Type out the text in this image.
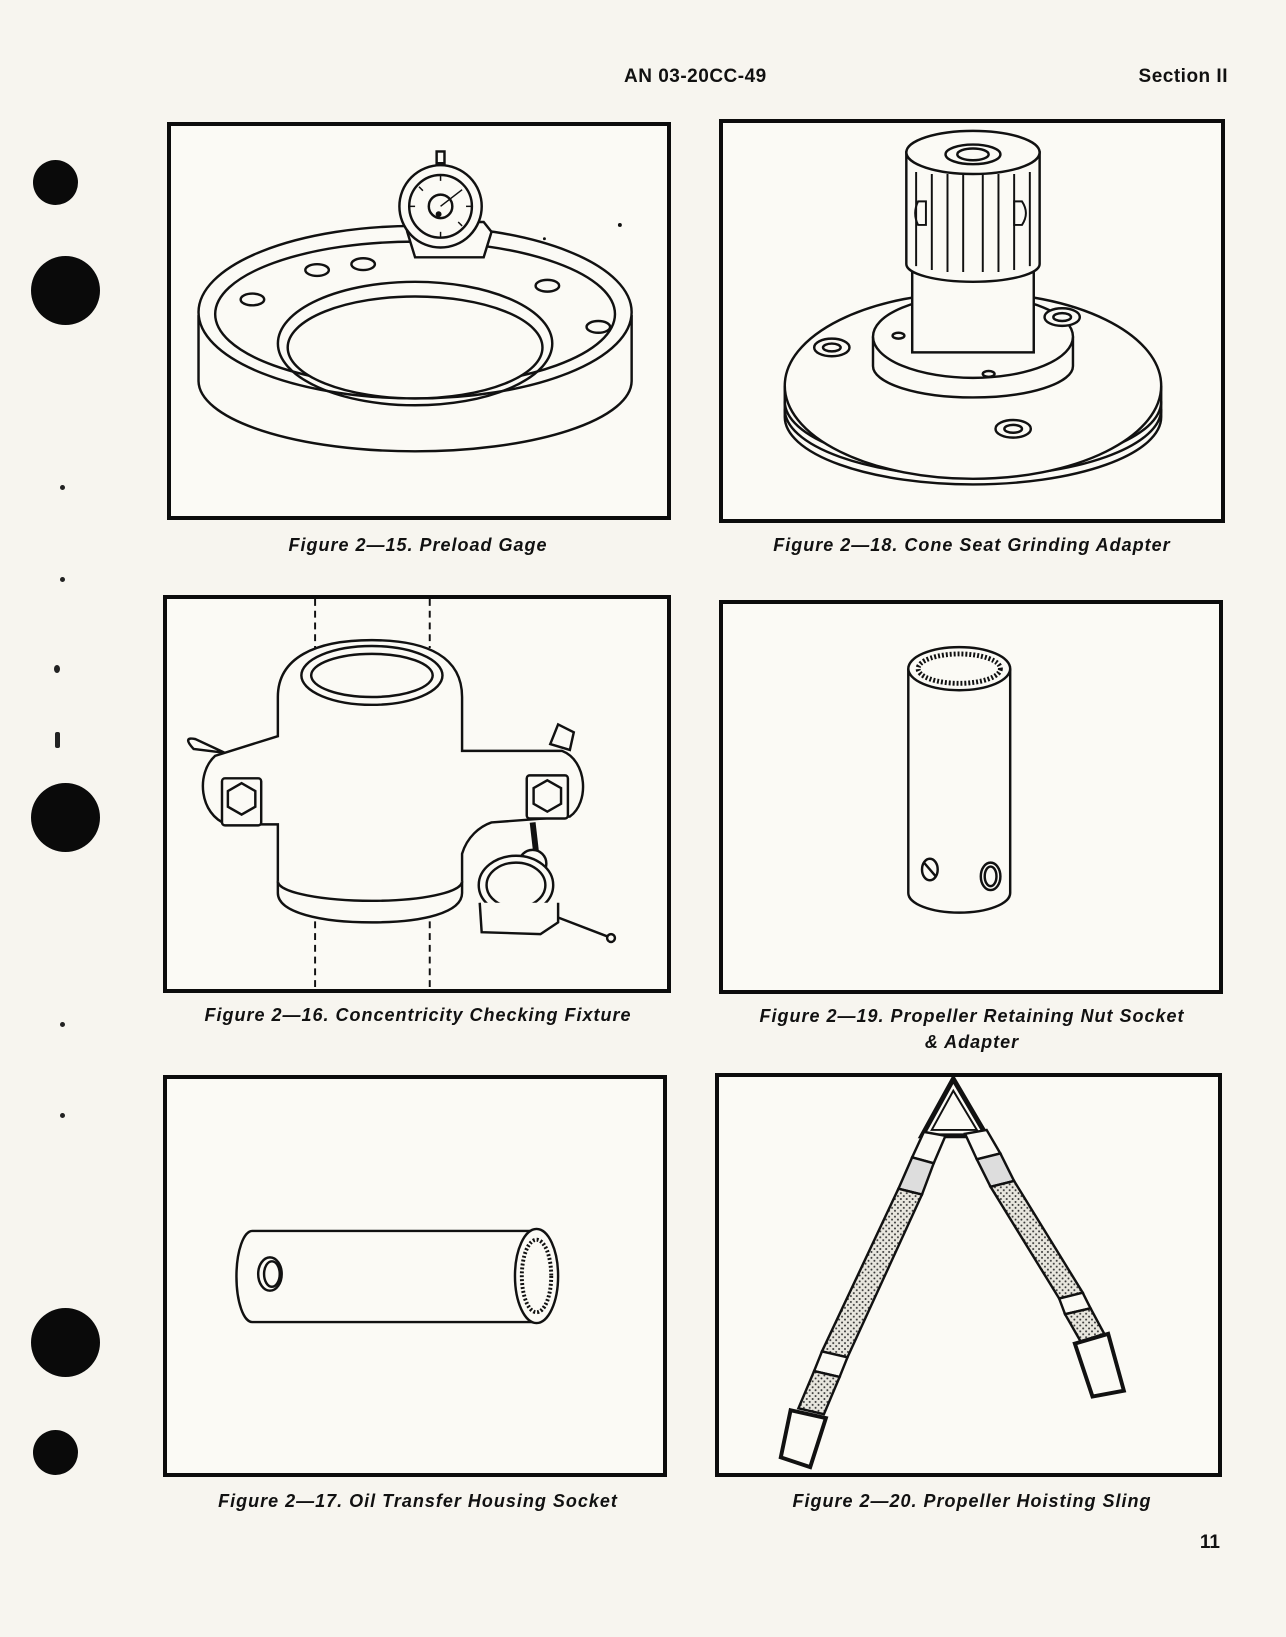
AN 03-20CC-49	Section II
Figure 2—15. Preload Gage
Figure 2—16. Concentricity Checking Fixture
Figure 2—17. Oil Transfer Housing Socket
Figure 2—18. Cone Seat Grinding Adapter
Figure 2—19. Propeller Retaining Nut Socket
& Adapter
Figure 2—20. Propeller Hoisting Sling
11
